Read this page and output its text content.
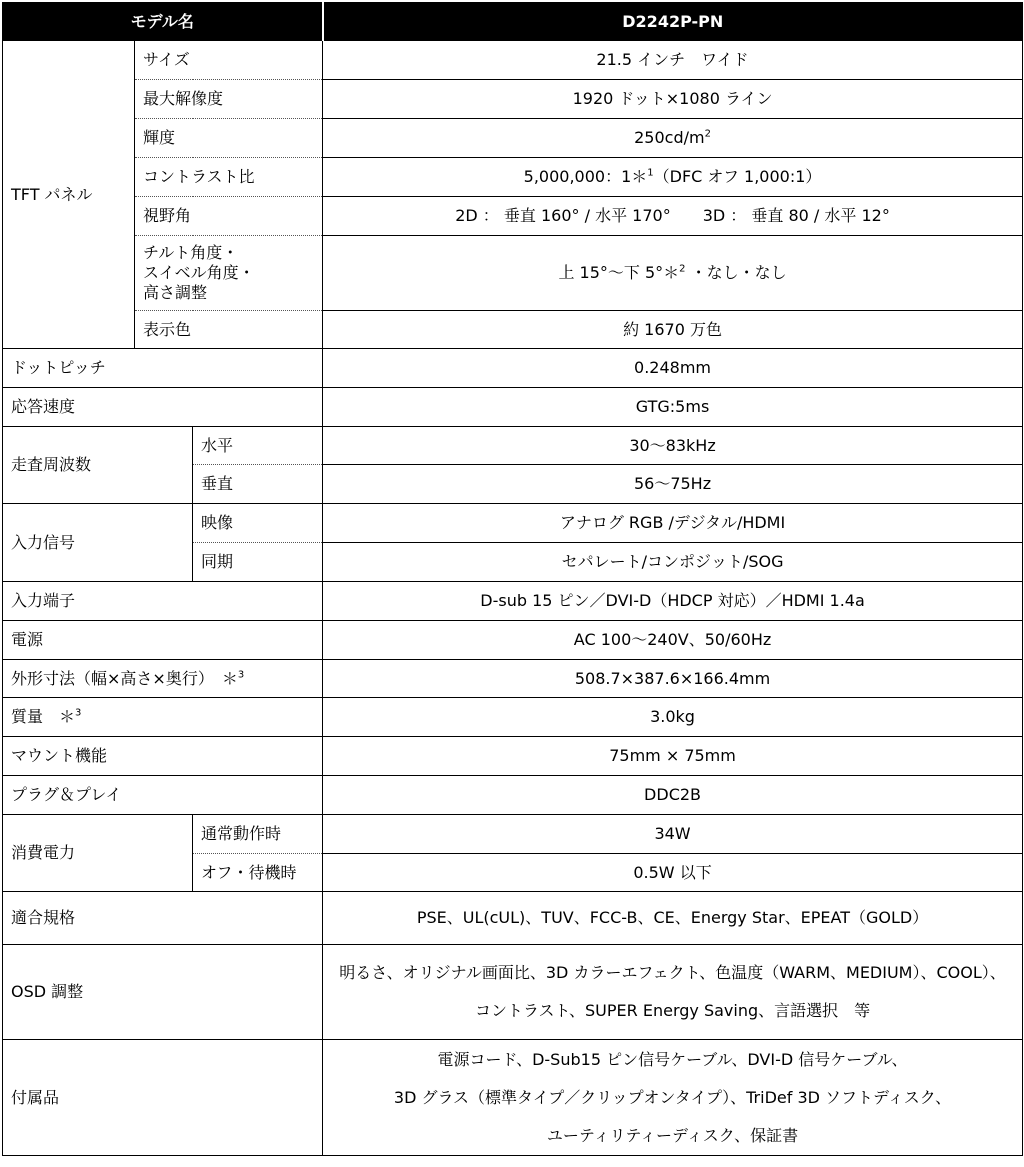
モデル名			D2242P-PN
TFT パネル	サイズ		21.5 インチ　ワイド
	最大解像度		1920 ドット×1080 ライン
	輝度		$250cd/m^2$
	コントラスト比		5,000,000：1＊$^1$（DFC オフ 1,000:1）
	視野角		2D ： 垂直 160° / 水平 170°　　3D ： 垂直 80 / 水平 12°

	チルト角度・
スイベル角度・
高さ調整		上 15°～下 5°＊$^2$ ・なし・なし
	表示色		約 1670 万色
ドットピッチ			0.248mm
応答速度			GTG:5ms
走査周波数		水平	30～83kHz
		垂直	56～75Hz
入力信号		映像	アナログ RGB /デジタル/HDMI
		同期	セパレート/コンポジット/SOG
入力端子			D-sub 15 ピン／DVI-D（HDCP 対応）／HDMI 1.4a
電源			AC 100～240V、50/60Hz
外形寸法（幅×高さ×奥行）　＊$^3$			508.7×387.6×166.4mm
質量　＊$^3$			3.0kg
マウント機能			75mm × 75mm
プラグ＆プレイ			DDC2B
消費電力		通常動作時	34W
		オフ・待機時	0.5W 以下
適合規格			PSE、UL(cUL)、TUV、FCC-B、CE、Energy Star、EPEAT（GOLD）
OSD 調整			明るさ、オリジナル画面比、3D カラーエフェクト、色温度（WARM、MEDIUM）、COOL）、
コントラスト、SUPER Energy Saving、言語選択　等

付属品			電源コード、D-Sub15 ピン信号ケーブル、DVI-D 信号ケーブル、
3D グラス（標準タイプ／クリップオンタイプ）、TriDef 3D ソフトディスク、
ユーティリティーディスク、保証書
